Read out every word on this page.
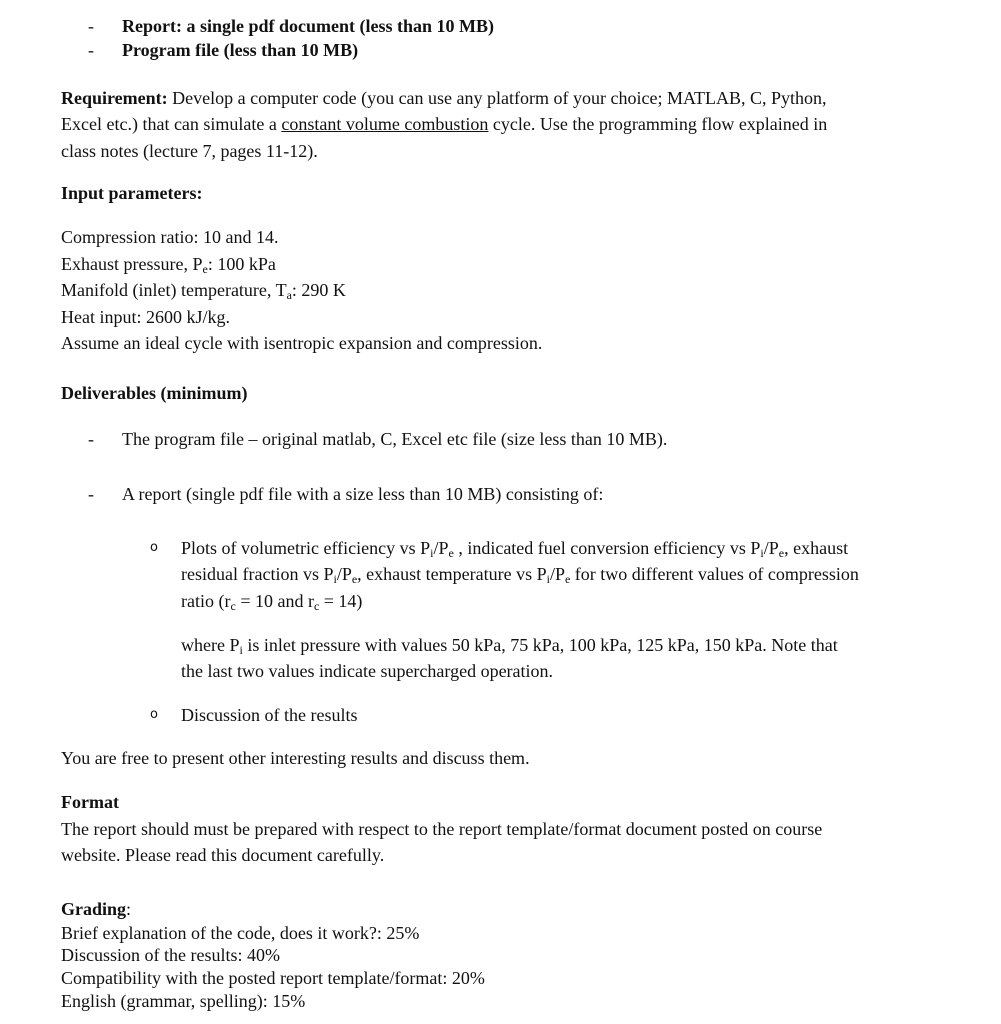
- Report: a single pdf document (less than 10 MB)
- Program file (less than 10 MB)
Requirement: Develop a computer code (you can use any platform of your choice; MATLAB, C, Python,
Excel etc.) that can simulate a constant volume combustion cycle. Use the programming flow explained in
class notes (lecture 7, pages 11-12).
Input parameters:
Compression ratio: 10 and 14.
Exhaust pressure, $P_e$: 100 kPa
Manifold (inlet) temperature, $T_a$: 290 K
Heat input: 2600 kJ/kg.
Assume an ideal cycle with isentropic expansion and compression.
Deliverables (minimum)
- The program file – original matlab, C, Excel etc file (size less than 10 MB).
- A report (single pdf file with a size less than 10 MB) consisting of:
o Plots of volumetric efficiency vs $P_i/P_e$ , indicated fuel conversion efficiency vs $P_i/P_e$, exhaust
residual fraction vs $P_i/P_e$, exhaust temperature vs $P_i/P_e$ for two different values of compression
ratio ($r_c = 10$ and $r_c = 14$)
where $P_i$ is inlet pressure with values 50 kPa, 75 kPa, 100 kPa, 125 kPa, 150 kPa. Note that
the last two values indicate supercharged operation.
o Discussion of the results
You are free to present other interesting results and discuss them.
Format
The report should must be prepared with respect to the report template/format document posted on course
website. Please read this document carefully.
Grading:
Brief explanation of the code, does it work?: 25%
Discussion of the results: 40%
Compatibility with the posted report template/format: 20%
English (grammar, spelling): 15%
